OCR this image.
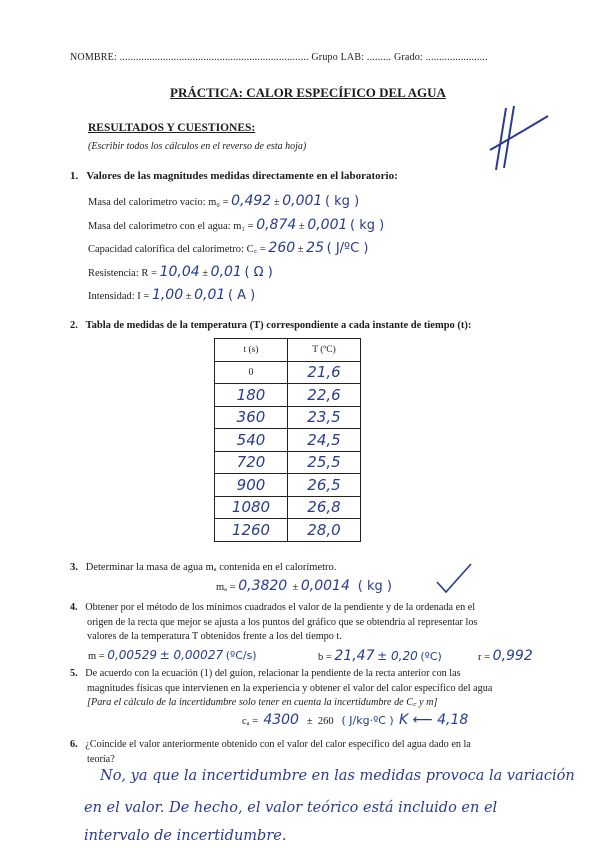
NOMBRE: ...................................................................... Grupo LAB: ......... Grado: .......................
PRÁCTICA: CALOR ESPECÍFICO DEL AGUA
RESULTADOS Y CUESTIONES:
(Escribir todos los cálculos en el reverso de esta hoja)
1. Valores de las magnitudes medidas directamente en el laboratorio:
Masa del calorímetro vacío: m₀ = 0,492 ± 0,001 ( kg )
Masa del calorímetro con el agua: m₁ = 0,874 ± 0,001 ( kg )
Capacidad calorífica del calorímetro: C꜀ = 260 ± 25 ( J/ºC )
Resistencia: R = 10,04 ± 0,01 ( Ω )
Intensidad: I = 1,00 ± 0,01 ( A )
2. Tabla de medidas de la temperatura (T) correspondiente a cada instante de tiempo (t):
t (s)	T (ºC)
0	21,6
180	22,6
360	23,5
540	24,5
720	25,5
900	26,5
1080	26,8
1260	28,0
3. Determinar la masa de agua mₐ contenida en el calorímetro.
mₐ = 0,3820 ± 0,0014 ( kg )
4. Obtener por el método de los mínimos cuadrados el valor de la pendiente y de la ordenada en el
origen de la recta que mejor se ajusta a los puntos del gráfico que se obtendría al representar los
valores de la temperatura T obtenidos frente a los del tiempo t.
m = 0,00529 ± 0,00027 (ºC/s)	b = 21,47 ± 0,20 (ºC)	r = 0,992
5. De acuerdo con la ecuación (1) del guion, relacionar la pendiente de la recta anterior con las
magnitudes físicas que intervienen en la experiencia y obtener el valor del calor específico del agua
[Para el cálculo de la incertidumbre solo tener en cuenta la incertidumbre de C꜀ y m]
cₐ = 4300 ± 260 ( J/kg·ºC ) K ⟵ 4,18
6. ¿Coincide el valor anteriormente obtenido con el valor del calor específico del agua dado en la
teoría?
No, ya que la incertidumbre en las medidas provoca la variación
en el valor. De hecho, el valor teórico está incluido en el
intervalo de incertidumbre.
